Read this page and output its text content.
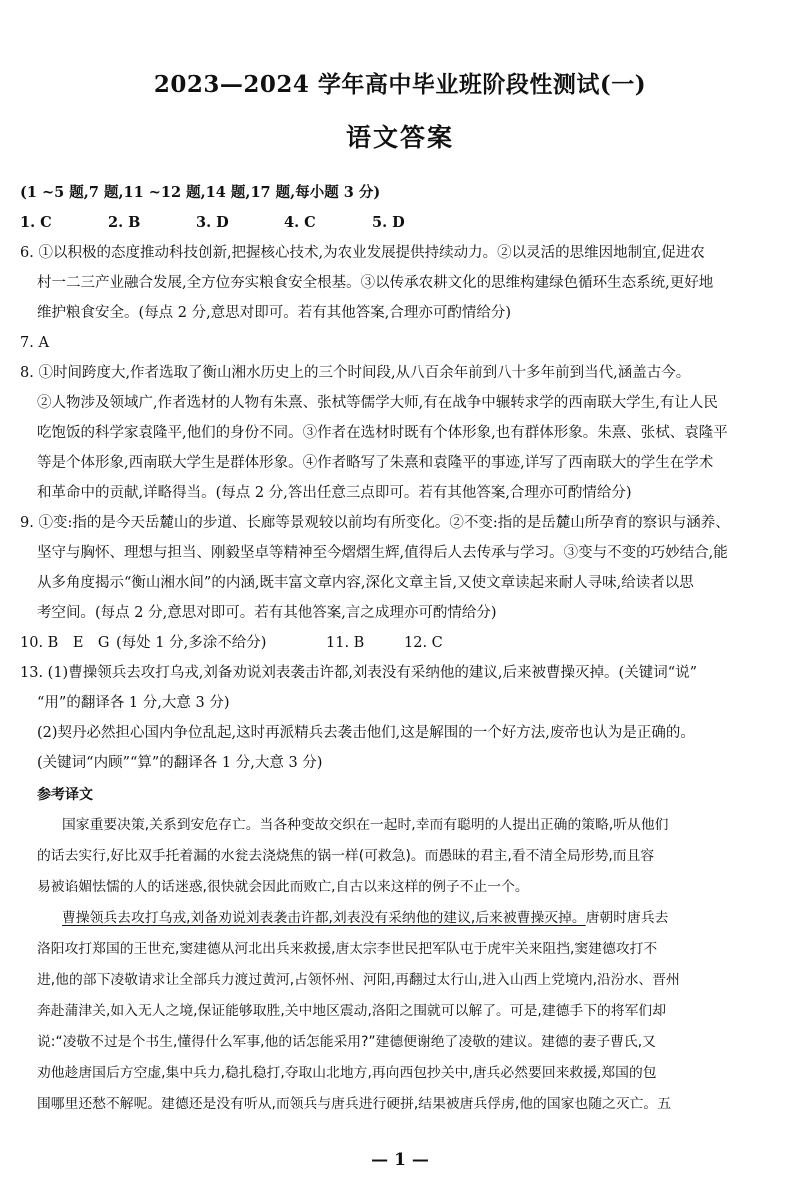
2023—2024 学年高中毕业班阶段性测试(一)
语文答案
(1 ~5 题,7 题,11 ~12 题,14 题,17 题,每小题 3 分)
1. C	2. B	3. D	4. C	5. D
6. ①以积极的态度推动科技创新,把握核心技术,为农业发展提供持续动力。②以灵活的思维因地制宜,促进农
村一二三产业融合发展,全方位夯实粮食安全根基。③以传承农耕文化的思维构建绿色循环生态系统,更好地
维护粮食安全。(每点 2 分,意思对即可。若有其他答案,合理亦可酌情给分)
7. A
8. ①时间跨度大,作者选取了衡山湘水历史上的三个时间段,从八百余年前到八十多年前到当代,涵盖古今。
②人物涉及领域广,作者选材的人物有朱熹、张栻等儒学大师,有在战争中辗转求学的西南联大学生,有让人民
吃饱饭的科学家袁隆平,他们的身份不同。③作者在选材时既有个体形象,也有群体形象。朱熹、张栻、袁隆平
等是个体形象,西南联大学生是群体形象。④作者略写了朱熹和袁隆平的事迹,详写了西南联大的学生在学术
和革命中的贡献,详略得当。(每点 2 分,答出任意三点即可。若有其他答案,合理亦可酌情给分)
9. ①变:指的是今天岳麓山的步道、长廊等景观较以前均有所变化。②不变:指的是岳麓山所孕育的察识与涵养、
坚守与胸怀、理想与担当、刚毅坚卓等精神至今熠熠生辉,值得后人去传承与学习。③变与不变的巧妙结合,能
从多角度揭示“衡山湘水间”的内涵,既丰富文章内容,深化文章主旨,又使文章读起来耐人寻味,给读者以思
考空间。(每点 2 分,意思对即可。若有其他答案,言之成理亦可酌情给分)
10. B　E　G (每处 1 分,多涂不给分)	11. B	12. C
13. (1)曹操领兵去攻打乌戎,刘备劝说刘表袭击许都,刘表没有采纳他的建议,后来被曹操灭掉。(关键词“说”
“用”的翻译各 1 分,大意 3 分)
(2)契丹必然担心国内争位乱起,这时再派精兵去袭击他们,这是解围的一个好方法,废帝也认为是正确的。
(关键词“内顾”“算”的翻译各 1 分,大意 3 分)
参考译文
国家重要决策,关系到安危存亡。当各种变故交织在一起时,幸而有聪明的人提出正确的策略,听从他们
的话去实行,好比双手托着漏的水瓮去浇烧焦的锅一样(可救急)。而愚昧的君主,看不清全局形势,而且容
易被谄媚怯懦的人的话迷惑,很快就会因此而败亡,自古以来这样的例子不止一个。
曹操领兵去攻打乌戎,刘备劝说刘表袭击许都,刘表没有采纳他的建议,后来被曹操灭掉。唐朝时唐兵去
洛阳攻打郑国的王世充,窦建德从河北出兵来救援,唐太宗李世民把军队屯于虎牢关来阻挡,窦建德攻打不
进,他的部下凌敬请求让全部兵力渡过黄河,占领怀州、河阳,再翻过太行山,进入山西上党境内,沿汾水、晋州
奔赴蒲津关,如入无人之境,保证能够取胜,关中地区震动,洛阳之围就可以解了。可是,建德手下的将军们却
说:“凌敬不过是个书生,懂得什么军事,他的话怎能采用?”建德便谢绝了凌敬的建议。建德的妻子曹氏,又
劝他趁唐国后方空虚,集中兵力,稳扎稳打,夺取山北地方,再向西包抄关中,唐兵必然要回来救援,郑国的包
围哪里还愁不解呢。建德还是没有听从,而领兵与唐兵进行硬拼,结果被唐兵俘虏,他的国家也随之灭亡。五
— 1 —
